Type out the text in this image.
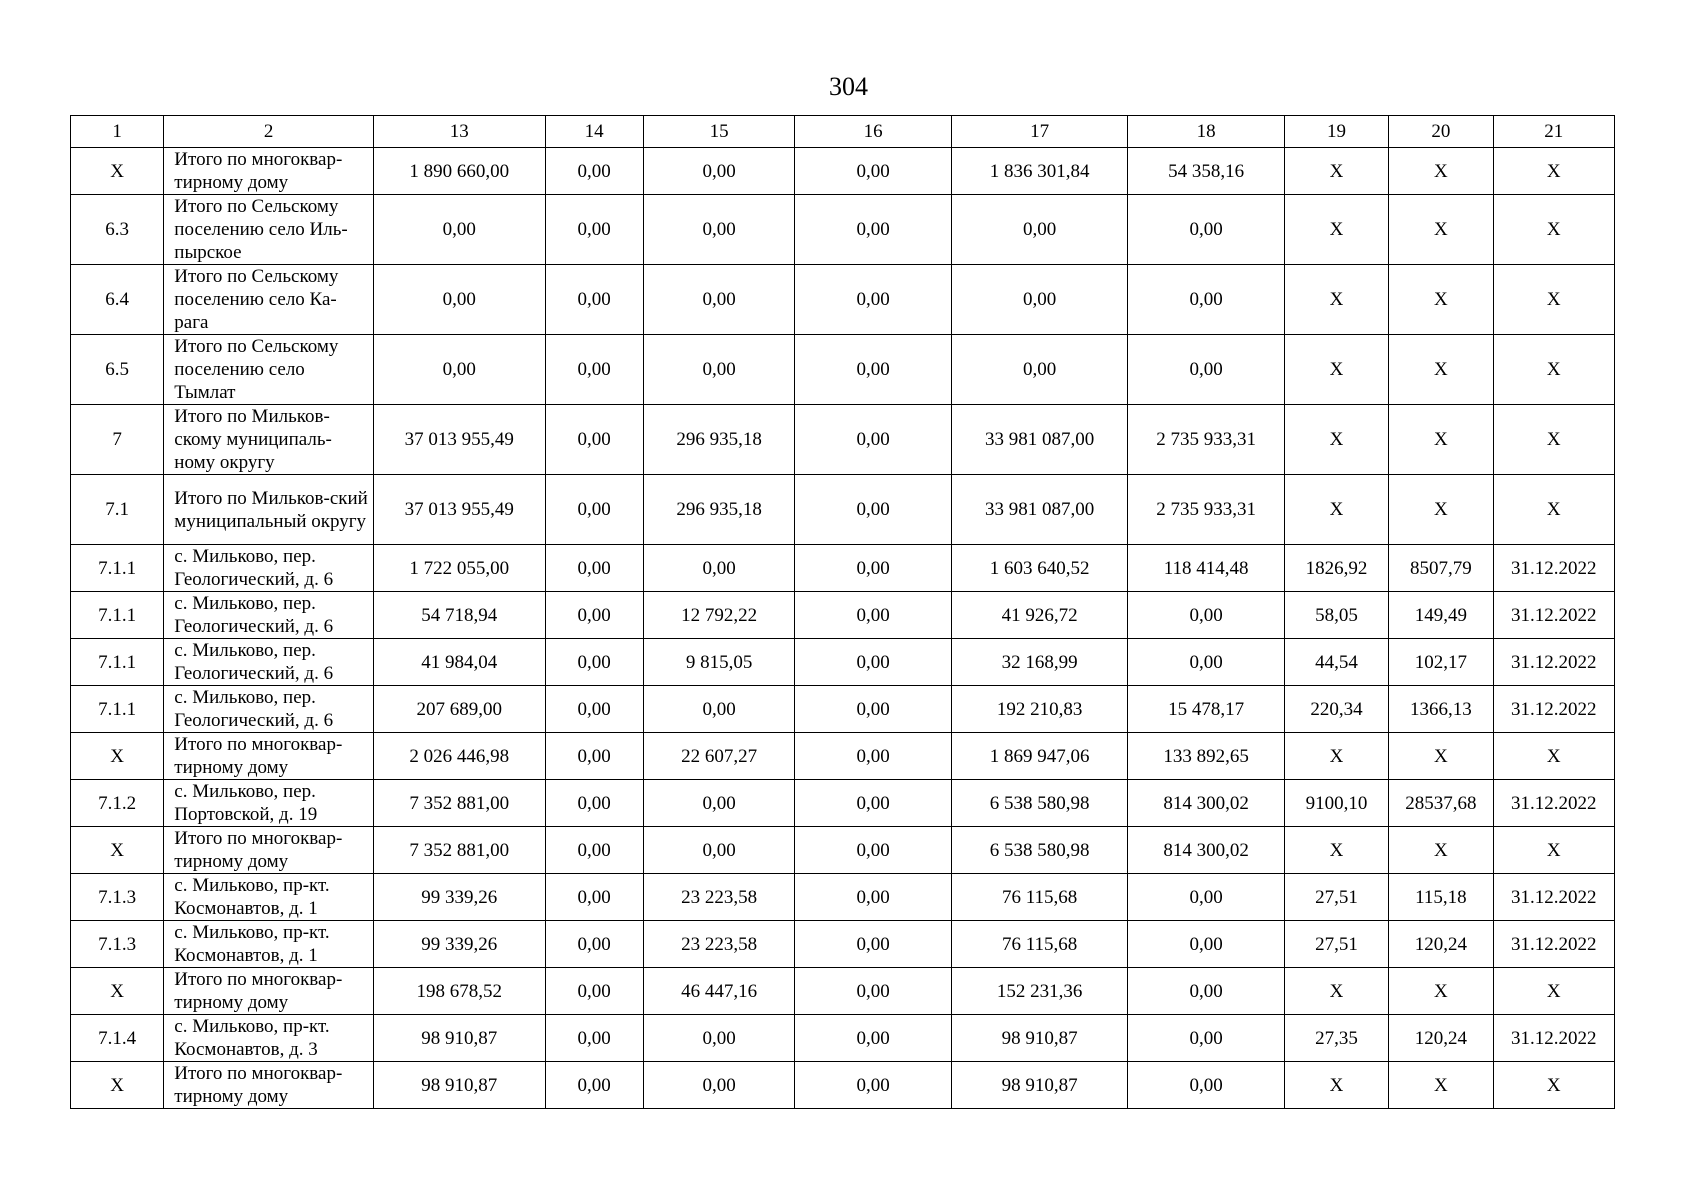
304
1	2	13	14	15	16	17	18	19	20	21
Х	Итого по многоквар-тирному дому	1 890 660,00	0,00	0,00	0,00	1 836 301,84	54 358,16	Х	Х	Х
6.3	Итого по Сельскому поселению село Иль-пырское	0,00	0,00	0,00	0,00	0,00	0,00	Х	Х	Х
6.4	Итого по Сельскому поселению село Ка-рага	0,00	0,00	0,00	0,00	0,00	0,00	Х	Х	Х
6.5	Итого по Сельскому поселению село Тымлат	0,00	0,00	0,00	0,00	0,00	0,00	Х	Х	Х
7	Итого по Мильков-скому муниципаль-ному округу	37 013 955,49	0,00	296 935,18	0,00	33 981 087,00	2 735 933,31	Х	Х	Х
7.1	Итого по Мильков-ский муниципальный округу	37 013 955,49	0,00	296 935,18	0,00	33 981 087,00	2 735 933,31	Х	Х	Х
7.1.1	с. Мильково, пер. Геологический, д. 6	1 722 055,00	0,00	0,00	0,00	1 603 640,52	118 414,48	1826,92	8507,79	31.12.2022
7.1.1	с. Мильково, пер. Геологический, д. 6	54 718,94	0,00	12 792,22	0,00	41 926,72	0,00	58,05	149,49	31.12.2022
7.1.1	с. Мильково, пер. Геологический, д. 6	41 984,04	0,00	9 815,05	0,00	32 168,99	0,00	44,54	102,17	31.12.2022
7.1.1	с. Мильково, пер. Геологический, д. 6	207 689,00	0,00	0,00	0,00	192 210,83	15 478,17	220,34	1366,13	31.12.2022
Х	Итого по многоквар-тирному дому	2 026 446,98	0,00	22 607,27	0,00	1 869 947,06	133 892,65	Х	Х	Х
7.1.2	с. Мильково, пер. Портовской, д. 19	7 352 881,00	0,00	0,00	0,00	6 538 580,98	814 300,02	9100,10	28537,68	31.12.2022
Х	Итого по многоквар-тирному дому	7 352 881,00	0,00	0,00	0,00	6 538 580,98	814 300,02	Х	Х	Х
7.1.3	с. Мильково, пр-кт. Космонавтов, д. 1	99 339,26	0,00	23 223,58	0,00	76 115,68	0,00	27,51	115,18	31.12.2022
7.1.3	с. Мильково, пр-кт. Космонавтов, д. 1	99 339,26	0,00	23 223,58	0,00	76 115,68	0,00	27,51	120,24	31.12.2022
Х	Итого по многоквар-тирному дому	198 678,52	0,00	46 447,16	0,00	152 231,36	0,00	Х	Х	Х
7.1.4	с. Мильково, пр-кт. Космонавтов, д. 3	98 910,87	0,00	0,00	0,00	98 910,87	0,00	27,35	120,24	31.12.2022
Х	Итого по многоквар-тирному дому	98 910,87	0,00	0,00	0,00	98 910,87	0,00	Х	Х	Х
